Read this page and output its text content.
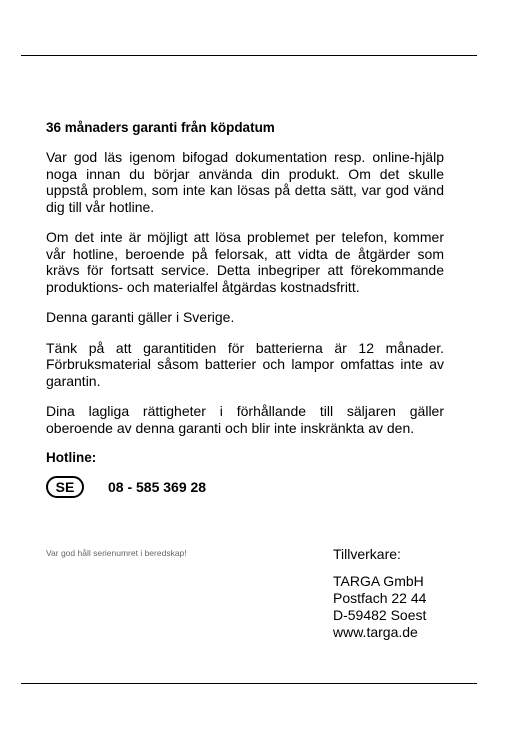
36 månaders garanti från köpdatum

Var god läs igenom bifogad dokumentation resp. online-hjälp noga innan du börjar använda din produkt. Om det skulle uppstå problem, som inte kan lösas på detta sätt, var god vänd dig till vår hotline.

Om det inte är möjligt att lösa problemet per telefon, kommer vår hotline, beroende på felorsak, att vidta de åtgärder som krävs för fortsatt service. Detta inbegriper att förekommande produktions- och materialfel åtgärdas kostnadsfritt.

Denna garanti gäller i Sverige.

Tänk på att garantitiden för batterierna är 12 månader. Förbruksmaterial såsom batterier och lampor omfattas inte av garantin.

Dina lagliga rättigheter i förhållande till säljaren gäller oberoende av denna garanti och blir inte inskränkta av den.

Hotline:
SE	08 - 585 369 28
Var god håll serienumret i beredskap!	Tillverkare:
TARGA GmbH
Postfach 22 44
D-59482 Soest
www.targa.de
